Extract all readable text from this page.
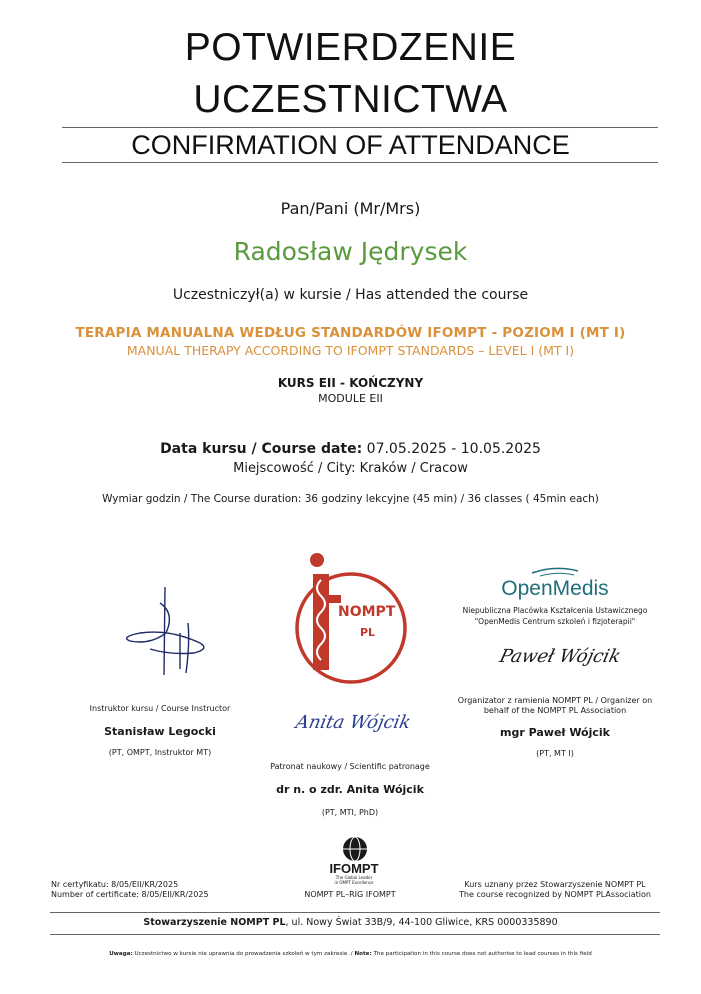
POTWIERDZENIE
UCZESTNICTWA
CONFIRMATION OF ATTENDANCE
Pan/Pani (Mr/Mrs)
Radosław Jędrysek
Uczestniczył(a) w kursie / Has attended the course
TERAPIA MANUALNA WEDŁUG STANDARDÓW IFOMPT - POZIOM I (MT I)
MANUAL THERAPY ACCORDING TO IFOMPT STANDARDS – LEVEL I (MT I)
KURS EII - KOŃCZYNY
MODULE EII
Data kursu / Course date: 07.05.2025 - 10.05.2025
Miejscowość / City: Kraków / Cracow
Wymiar godzin / The Course duration: 36 godziny lekcyjne (45 min) / 36 classes ( 45min each)
NOMPT
PL
OpenMedis
Niepubliczna Placówka Kształcenia Ustawicznego
"OpenMedis Centrum szkoleń i fizjoterapii"
Instruktor kursu / Course Instructor
Stanisław Legocki
(PT, OMPT, Instruktor MT)
Anita Wójcik
Patronat naukowy / Scientific patronage
dr n. o zdr. Anita Wójcik
(PT, MTI, PhD)
Paweł Wójcik
Organizator z ramienia NOMPT PL / Organizer on
behalf of the NOMPT PL Association
mgr Paweł Wójcik
(PT, MT I)
IFOMPT
The Global Leader
in OMPT Excellence
Nr certyfikatu: 8/05/EII/KR/2025
Number of certificate: 8/05/EII/KR/2025	NOMPT PL–RIG IFOMPT
Kurs uznany przez Stowarzyszenie NOMPT PL
The course recognized by NOMPT PLAssociation
Stowarzyszenie NOMPT PL, ul. Nowy Świat 33B/9, 44-100 Gliwice, KRS 0000335890
Uwaga: Uczestnictwo w kursie nie uprawnia do prowadzenia szkoleń w tym zakresie. / Note: The participation in this course does not authorise to lead courses in this field
